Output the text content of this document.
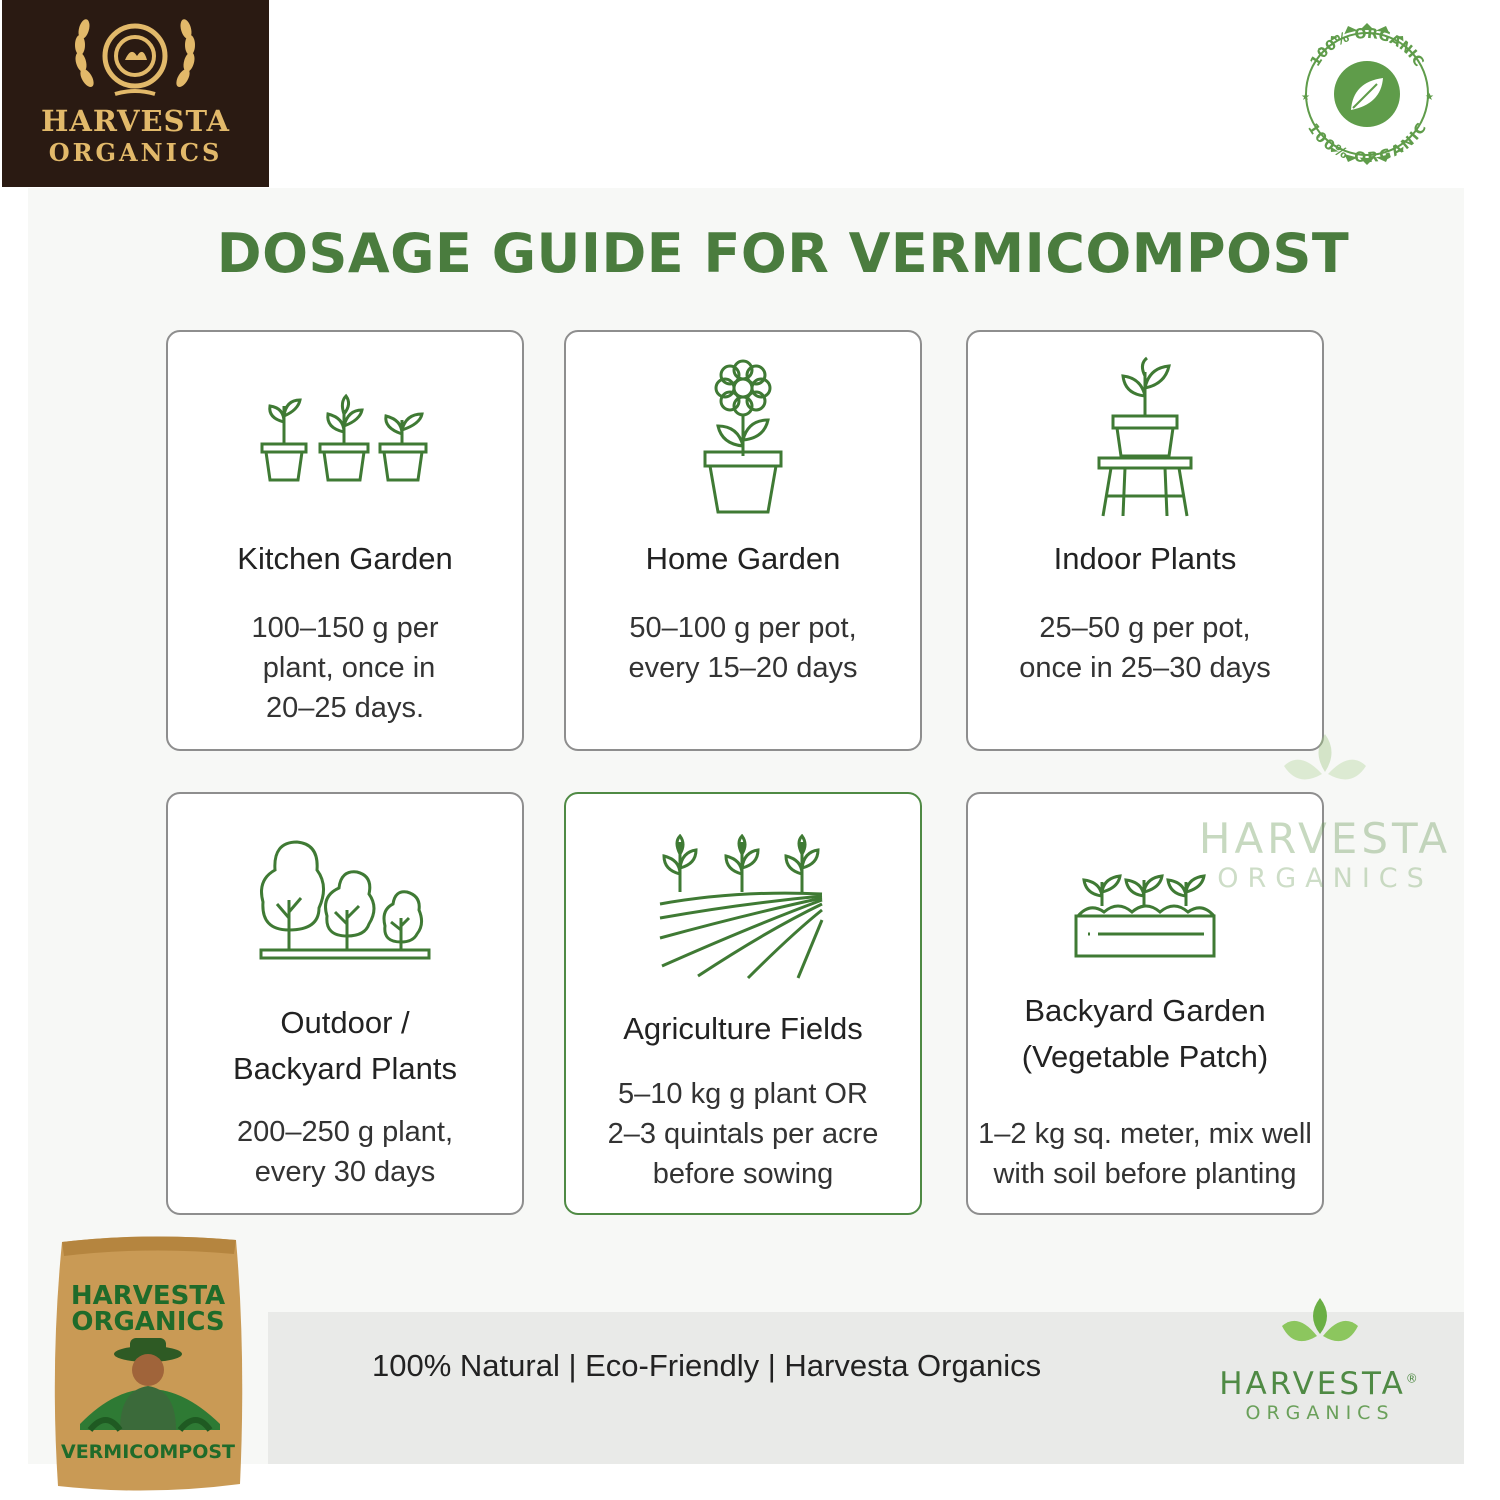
HARVESTA
ORGANICS
100% ORGANIC
100% ORGANIC
★	★
DOSAGE GUIDE FOR VERMICOMPOST
Kitchen Garden
100–150 g per
plant, once in
20–25 days.
Home Garden
50–100 g per pot,
every 15–20 days
Indoor Plants
25–50 g per pot,
once in 25–30 days
Outdoor /
Backyard Plants
200–250 g plant,
every 30 days
Agriculture Fields
5–10 kg g plant OR
2–3 quintals per acre
before sowing
Backyard Garden
(Vegetable Patch)
1–2 kg sq. meter, mix well
with soil before planting
HARVESTA
ORGANICS
100% Natural | Eco-Friendly | Harvesta Organics
HARVESTA®
ORGANICS
HARVESTA
ORGANICS
VERMICOMPOST
